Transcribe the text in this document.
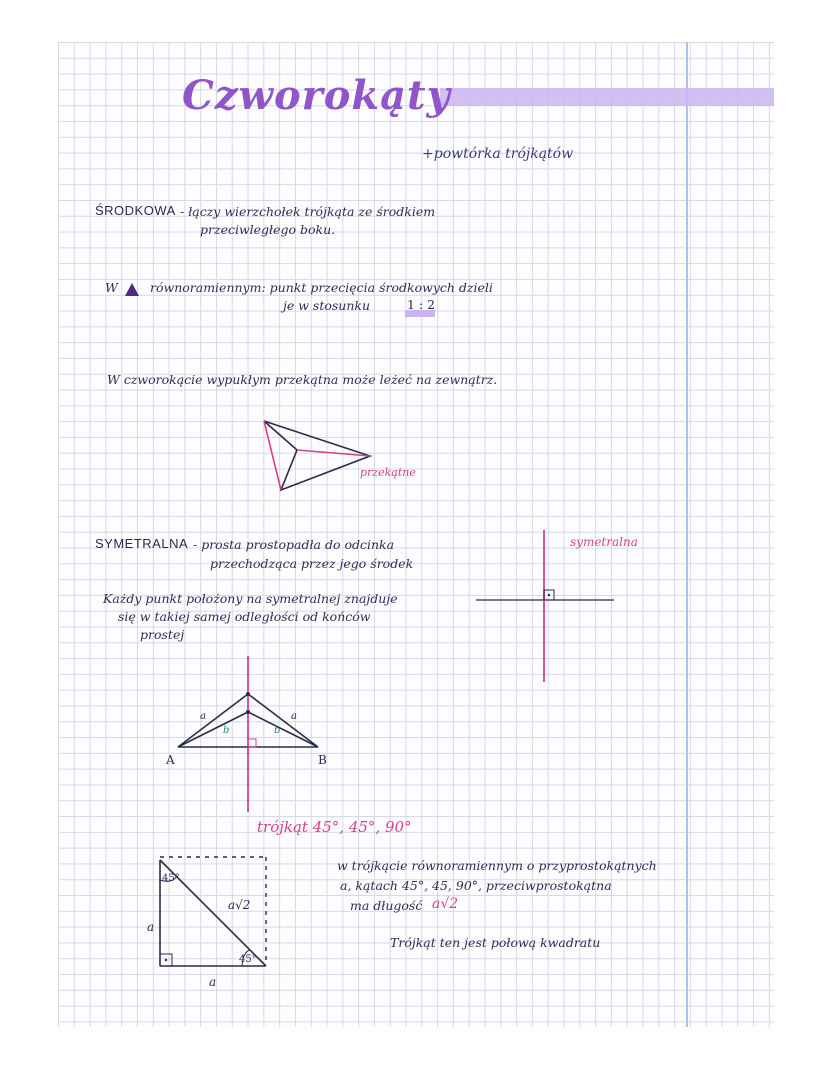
Czworokąty
+powtórka trójkątów
ŚRODKOWA - łączy wierzchołek trójkąta ze środkiem
przeciwległego boku.
W	równoramiennym: punkt przecięcia środkowych dzieli
je w stosunku	1 : 2
W czworokącie wypukłym przekątna może leżeć na zewnątrz.
przekątne
SYMETRALNA - prosta prostopadła do odcinka
przechodząca przez jego środek
Każdy punkt położony na symetralnej znajduje
się w takiej samej odległości od końców
prostej
symetralna
a	a
b	b
A	B
trójkąt 45°, 45°, 90°
45°
45°
a√2
a
a
w trójkącie równoramiennym o przyprostokątnych
a, kątach 45°, 45, 90°, przeciwprostokątna
ma długość a√2
Trójkąt ten jest połową kwadratu
